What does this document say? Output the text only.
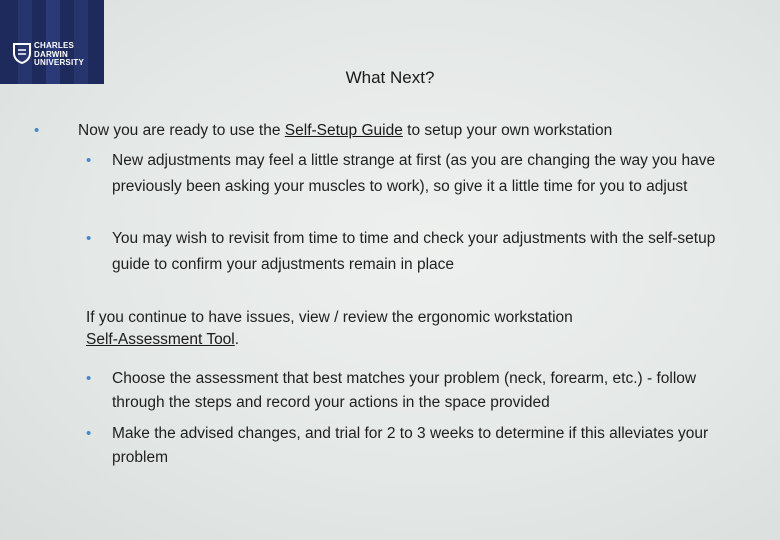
CHARLES
DARWIN
UNIVERSITY
What Next?
• Now you are ready to use the Self-Setup Guide to setup your own workstation
• New adjustments may feel a little strange at first (as you are changing the way you have previously been asking your muscles to work), so give it a little time for you to adjust
• You may wish to revisit from time to time and check your adjustments with the self-setup guide to confirm your adjustments remain in place
If you continue to have issues, view / review the ergonomic workstation
Self-Assessment Tool.
• Choose the assessment that best matches your problem (neck, forearm, etc.) - follow through the steps and record your actions in the space provided
• Make the advised changes, and trial for 2 to 3 weeks to determine if this alleviates your problem
